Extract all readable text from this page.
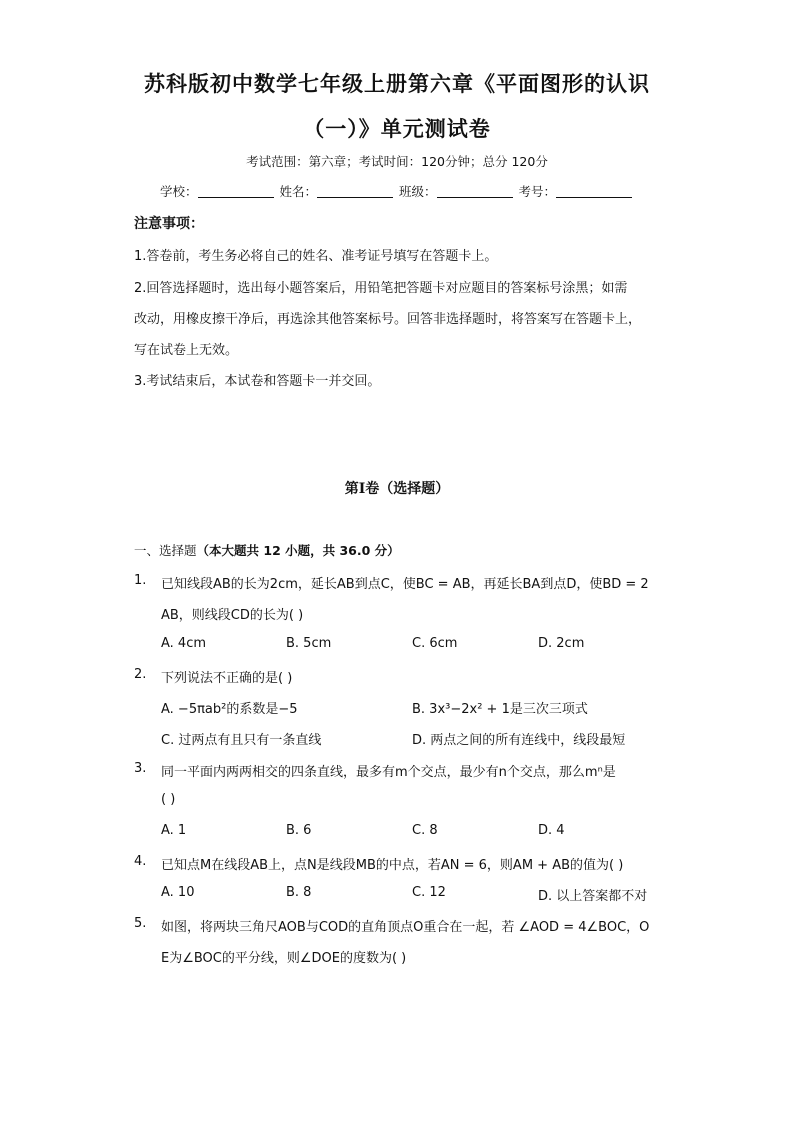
苏科版初中数学七年级上册第六章《平面图形的认识
（一）》单元测试卷
考试范围：第六章；考试时间：120分钟；总分 120分
学校：	姓名：	班级：	考号：
注意事项：
1.答卷前，考生务必将自己的姓名、准考证号填写在答题卡上。
2.回答选择题时，选出每小题答案后，用铅笔把答题卡对应题目的答案标号涂黑；如需
改动，用橡皮擦干净后，再选涂其他答案标号。回答非选择题时，将答案写在答题卡上，
写在试卷上无效。
3.考试结束后，本试卷和答题卡一并交回。
第Ⅰ卷（选择题）
一、选择题（本大题共 12 小题，共 36.0 分）
1. 已知线段AB的长为2cm，延长AB到点C，使BC = AB，再延长BA到点D，使BD = 2
AB，则线段CD的长为( )
A. 4cm	B. 5cm	C. 6cm	D. 2cm
2. 下列说法不正确的是( )
A. −5πab²的系数是−5	B. 3x³−2x² + 1是三次三项式
C. 过两点有且只有一条直线	D. 两点之间的所有连线中，线段最短
3. 同一平面内两两相交的四条直线，最多有m个交点，最少有n个交点，那么mⁿ是
( )
A. 1	B. 6	C. 8	D. 4
4. 已知点M在线段AB上，点N是线段MB的中点，若AN = 6，则AM + AB的值为( )
A. 10	B. 8	C. 12	D. 以上答案都不对
5. 如图，将两块三角尺AOB与COD的直角顶点O重合在一起，若 ∠AOD = 4∠BOC，O
E为∠BOC的平分线，则∠DOE的度数为( )
